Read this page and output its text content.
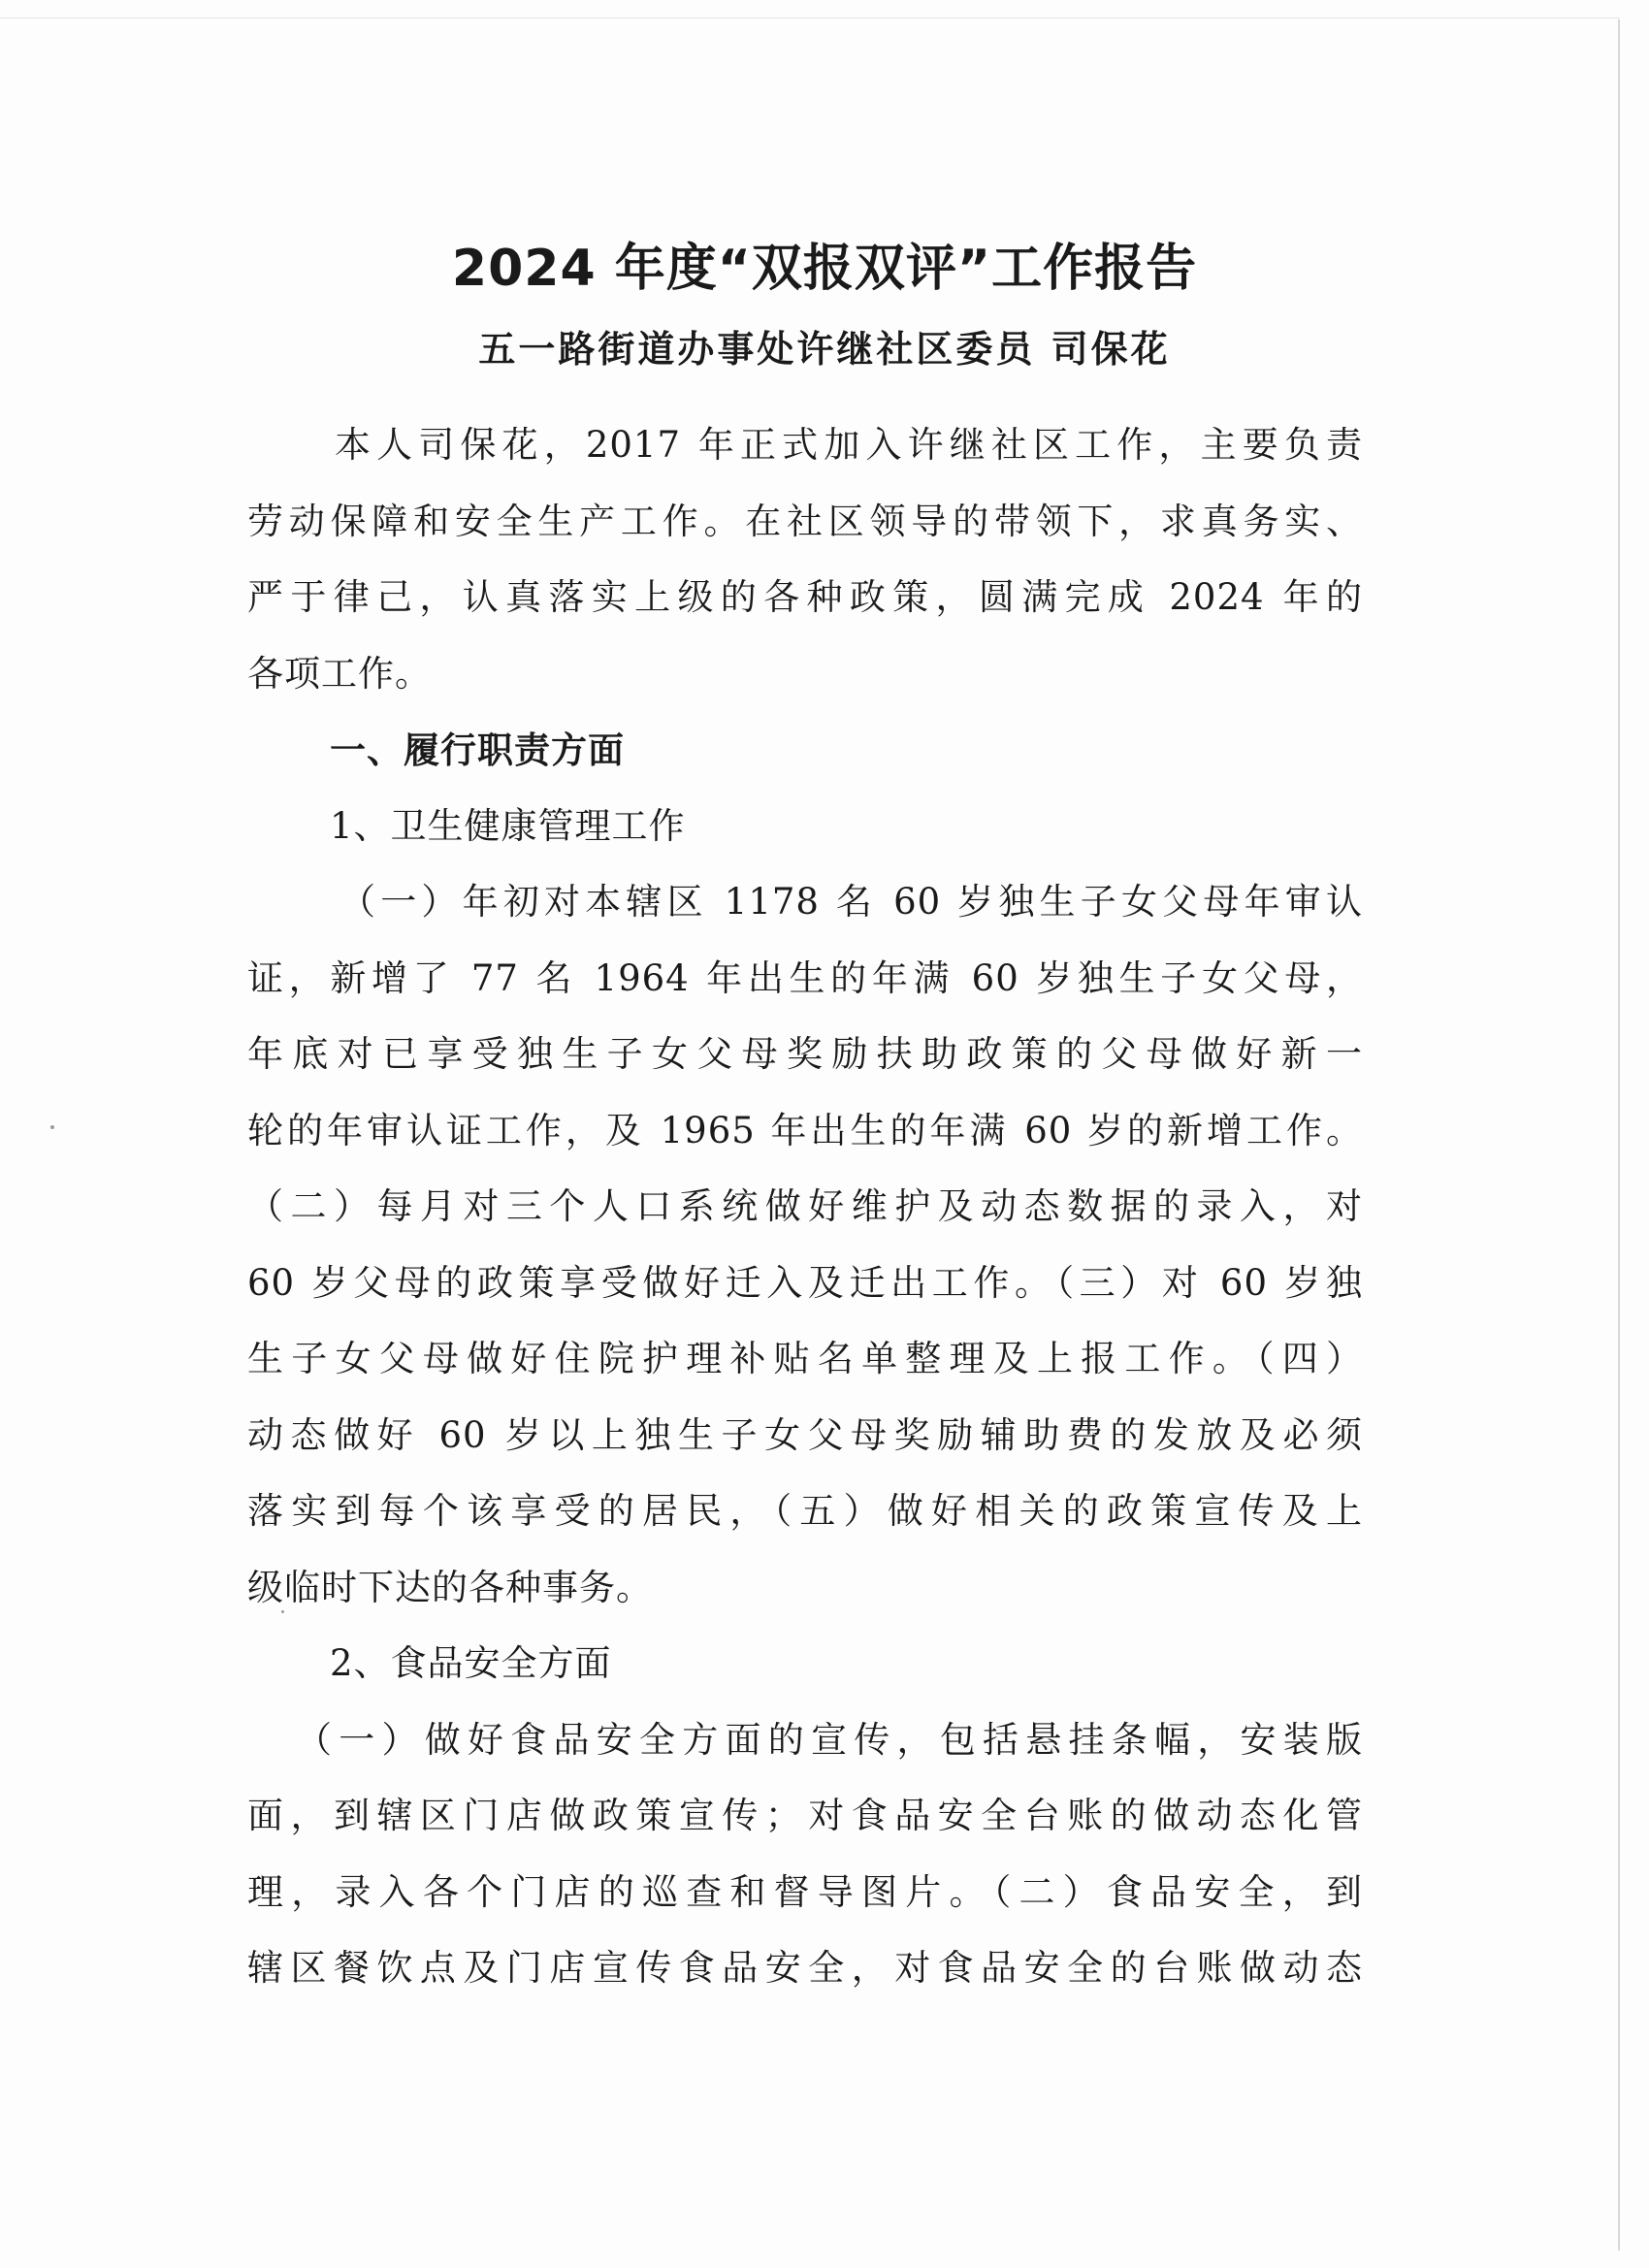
2024 年度“双报双评”工作报告
五一路街道办事处许继社区委员 司保花
本人司保花，2017 年正式加入许继社区工作，主要负责
劳动保障和安全生产工作。在社区领导的带领下，求真务实、
严于律己，认真落实上级的各种政策，圆满完成 2024 年的
各项工作。
一、履行职责方面
1、卫生健康管理工作
（一）年初对本辖区 1178 名 60 岁独生子女父母年审认
证，新增了 77 名 1964 年出生的年满 60 岁独生子女父母，
年底对已享受独生子女父母奖励扶助政策的父母做好新一
轮的年审认证工作，及 1965 年出生的年满 60 岁的新增工作。
（二）每月对三个人口系统做好维护及动态数据的录入，对
60 岁父母的政策享受做好迁入及迁出工作。（三）对 60 岁独
生子女父母做好住院护理补贴名单整理及上报工作。（四）
动态做好 60 岁以上独生子女父母奖励辅助费的发放及必须
落实到每个该享受的居民，（五）做好相关的政策宣传及上
级临时下达的各种事务。
2、食品安全方面
（一）做好食品安全方面的宣传，包括悬挂条幅，安装版
面，到辖区门店做政策宣传；对食品安全台账的做动态化管
理，录入各个门店的巡查和督导图片。（二）食品安全，到
辖区餐饮点及门店宣传食品安全，对食品安全的台账做动态
